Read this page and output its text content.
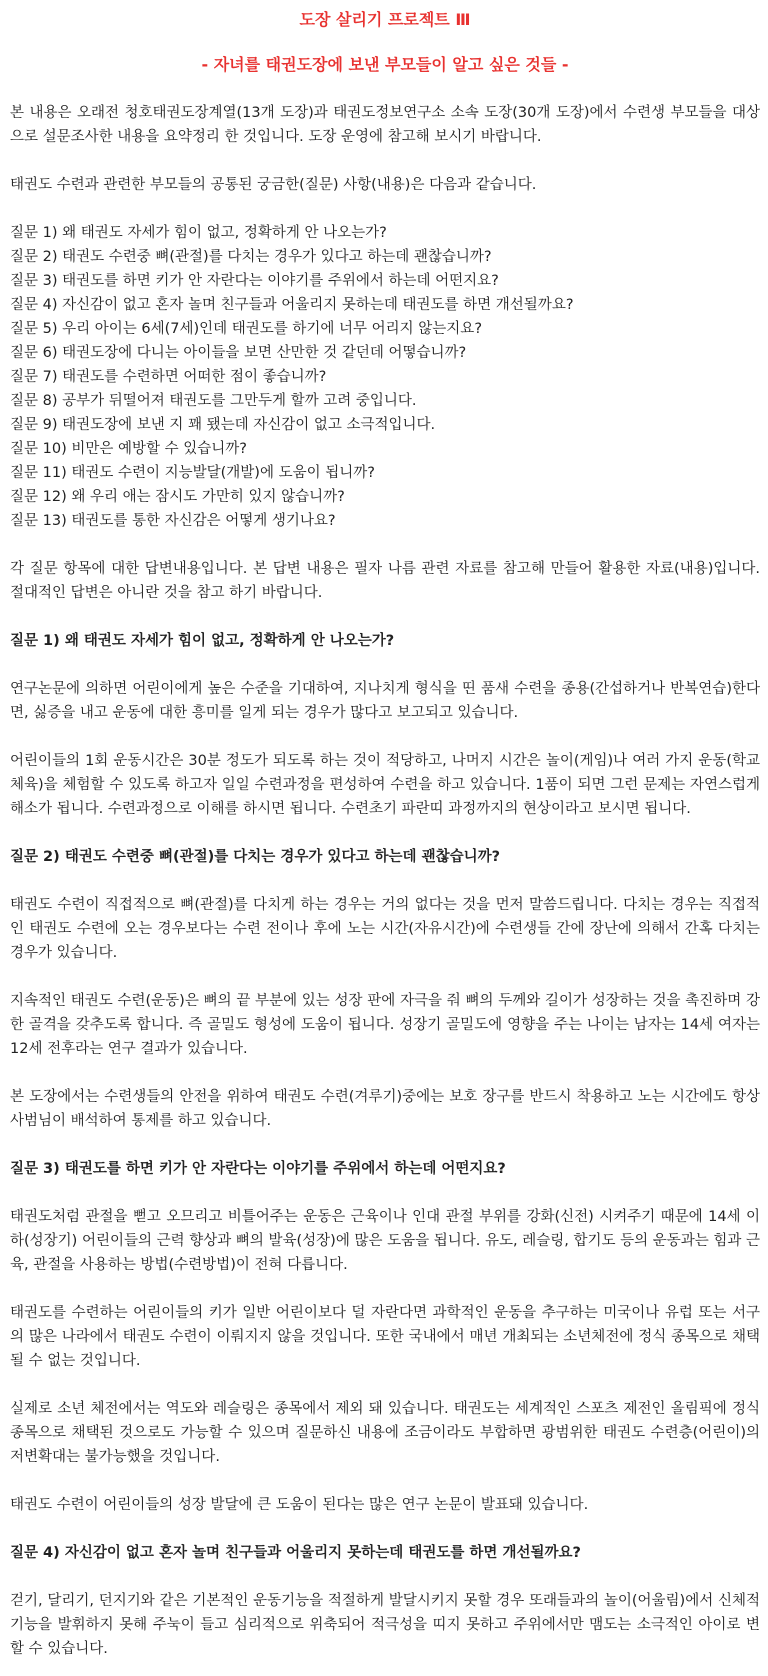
도장 살리기 프로젝트 Ⅲ
- 자녀를 태권도장에 보낸 부모들이 알고 싶은 것들 -

본 내용은 오래전 청호태권도장계열(13개 도장)과 태권도정보연구소 소속 도장(30개 도장)에서 수련생 부모들을 대상으로 설문조사한 내용을 요약정리 한 것입니다. 도장 운영에 참고해 보시기 바랍니다.

태권도 수련과 관련한 부모들의 공통된 궁금한(질문) 사항(내용)은 다음과 같습니다.

질문 1) 왜 태권도 자세가 힘이 없고, 정확하게 안 나오는가?
질문 2) 태권도 수련중 뼈(관절)를 다치는 경우가 있다고 하는데 괜찮습니까?
질문 3) 태권도를 하면 키가 안 자란다는 이야기를 주위에서 하는데 어떤지요?
질문 4) 자신감이 없고 혼자 놀며 친구들과 어울리지 못하는데 태권도를 하면 개선될까요?
질문 5) 우리 아이는 6세(7세)인데 태권도를 하기에 너무 어리지 않는지요?
질문 6) 태권도장에 다니는 아이들을 보면 산만한 것 같던데 어떻습니까?
질문 7) 태권도를 수련하면 어떠한 점이 좋습니까?
질문 8) 공부가 뒤떨어져 태권도를 그만두게 할까 고려 중입니다.
질문 9) 태권도장에 보낸 지 꽤 됐는데 자신감이 없고 소극적입니다.
질문 10) 비만은 예방할 수 있습니까?
질문 11) 태권도 수련이 지능발달(개발)에 도움이 됩니까?
질문 12) 왜 우리 애는 잠시도 가만히 있지 않습니까?
질문 13) 태권도를 통한 자신감은 어떻게 생기나요?

각 질문 항목에 대한 답변내용입니다. 본 답변 내용은 필자 나름 관련 자료를 참고해 만들어 활용한 자료(내용)입니다. 절대적인 답변은 아니란 것을 참고 하기 바랍니다.

질문 1) 왜 태권도 자세가 힘이 없고, 정확하게 안 나오는가?

연구논문에 의하면 어린이에게 높은 수준을 기대하여, 지나치게 형식을 띤 품새 수련을 종용(간섭하거나 반복연습)한다면, 싫증을 내고 운동에 대한 흥미를 일게 되는 경우가 많다고 보고되고 있습니다.

어린이들의 1회 운동시간은 30분 정도가 되도록 하는 것이 적당하고, 나머지 시간은 놀이(게임)나 여러 가지 운동(학교체육)을 체험할 수 있도록 하고자 일일 수련과정을 편성하여 수련을 하고 있습니다. 1품이 되면 그런 문제는 자연스럽게 해소가 됩니다. 수련과정으로 이해를 하시면 됩니다. 수련초기 파란띠 과정까지의 현상이라고 보시면 됩니다.

질문 2) 태권도 수련중 뼈(관절)를 다치는 경우가 있다고 하는데 괜찮습니까?

태권도 수련이 직접적으로 뼈(관절)를 다치게 하는 경우는 거의 없다는 것을 먼저 말씀드립니다. 다치는 경우는 직접적인 태권도 수련에 오는 경우보다는 수련 전이나 후에 노는 시간(자유시간)에 수련생들 간에 장난에 의해서 간혹 다치는 경우가 있습니다.

지속적인 태권도 수련(운동)은 뼈의 끝 부분에 있는 성장 판에 자극을 줘 뼈의 두께와 길이가 성장하는 것을 촉진하며 강한 골격을 갖추도록 합니다. 즉 골밀도 형성에 도움이 됩니다. 성장기 골밀도에 영향을 주는 나이는 남자는 14세 여자는 12세 전후라는 연구 결과가 있습니다.

본 도장에서는 수련생들의 안전을 위하여 태권도 수련(겨루기)중에는 보호 장구를 반드시 착용하고 노는 시간에도 항상 사범님이 배석하여 통제를 하고 있습니다.

질문 3) 태권도를 하면 키가 안 자란다는 이야기를 주위에서 하는데 어떤지요?

태권도처럼 관절을 뻗고 오므리고 비틀어주는 운동은 근육이나 인대 관절 부위를 강화(신전) 시켜주기 때문에 14세 이하(성장기) 어린이들의 근력 향상과 뼈의 발육(성장)에 많은 도움을 됩니다. 유도, 레슬링, 합기도 등의 운동과는 힘과 근육, 관절을 사용하는 방법(수련방법)이 전혀 다릅니다.

태권도를 수련하는 어린이들의 키가 일반 어린이보다 덜 자란다면 과학적인 운동을 추구하는 미국이나 유럽 또는 서구의 많은 나라에서 태권도 수련이 이뤄지지 않을 것입니다. 또한 국내에서 매년 개최되는 소년체전에 정식 종목으로 채택 될 수 없는 것입니다.

실제로 소년 체전에서는 역도와 레슬링은 종목에서 제외 돼 있습니다. 태권도는 세계적인 스포츠 제전인 올림픽에 정식 종목으로 채택된 것으로도 가능할 수 있으며 질문하신 내용에 조금이라도 부합하면 광범위한 태권도 수련층(어린이)의 저변확대는 불가능했을 것입니다.

태권도 수련이 어린이들의 성장 발달에 큰 도움이 된다는 많은 연구 논문이 발표돼 있습니다.

질문 4) 자신감이 없고 혼자 놀며 친구들과 어울리지 못하는데 태권도를 하면 개선될까요?

걷기, 달리기, 던지기와 같은 기본적인 운동기능을 적절하게 발달시키지 못할 경우 또래들과의 놀이(어울림)에서 신체적 기능을 발휘하지 못해 주눅이 들고 심리적으로 위축되어 적극성을 띠지 못하고 주위에서만 맴도는 소극적인 아이로 변할 수 있습니다.
